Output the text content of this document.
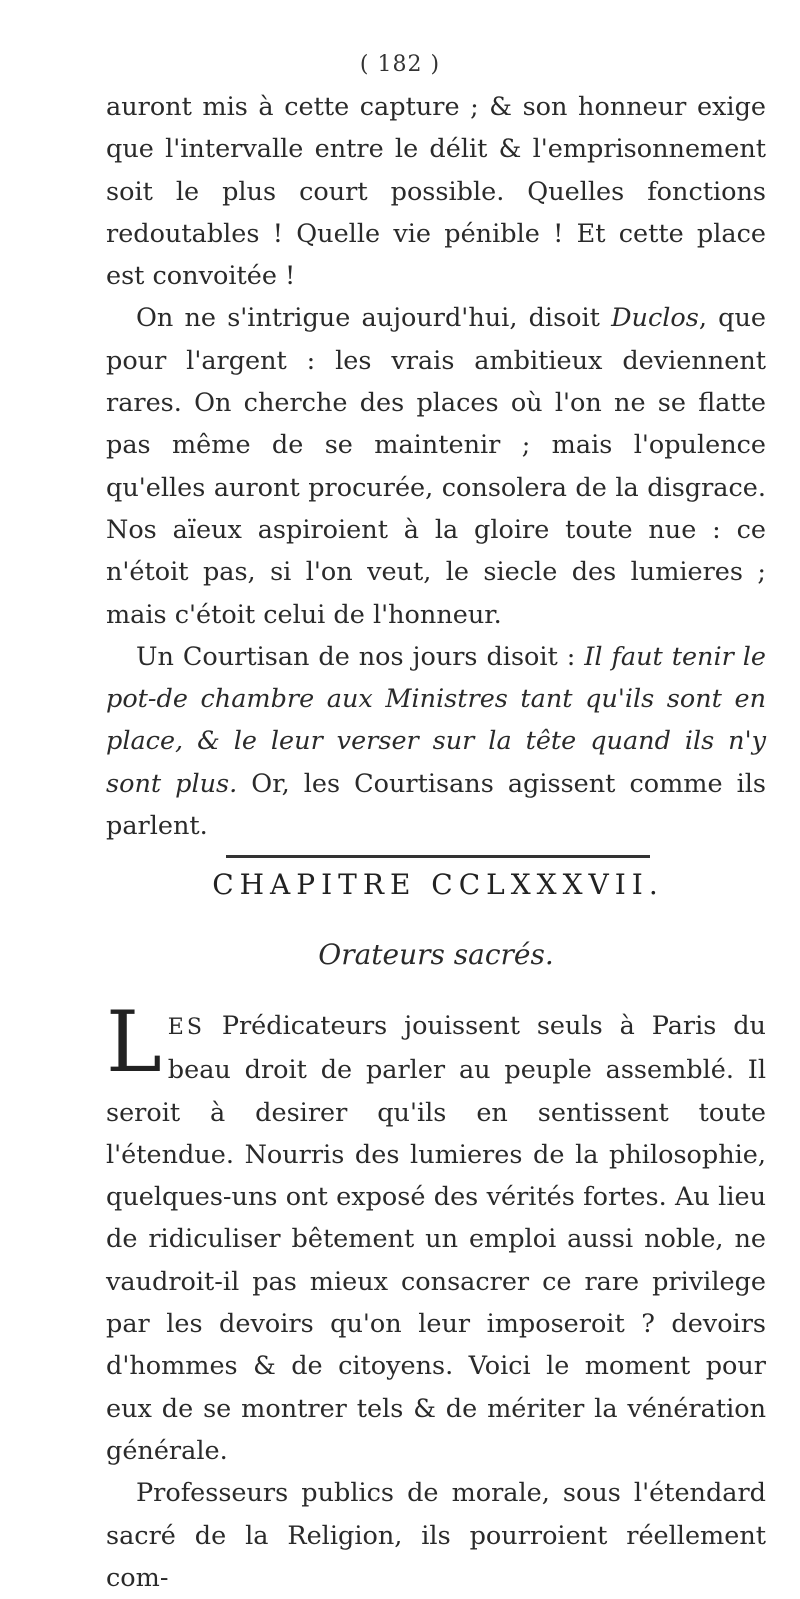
( 182 )

auront mis à cette capture ; & son honneur exige que l'intervalle entre le délit & l'emprisonnement soit le plus court possible. Quelles fonctions redoutables ! Quelle vie pénible ! Et cette place est convoitée !

On ne s'intrigue aujourd'hui, disoit Duclos, que pour l'argent : les vrais ambitieux deviennent rares. On cherche des places où l'on ne se flatte pas même de se maintenir ; mais l'opulence qu'elles auront procurée, consolera de la disgrace. Nos aïeux aspiroient à la gloire toute nue : ce n'étoit pas, si l'on veut, le siecle des lumieres ; mais c'étoit celui de l'honneur.

Un Courtisan de nos jours disoit : Il faut tenir le pot-de chambre aux Ministres tant qu'ils sont en place, & le leur verser sur la tête quand ils n'y sont plus. Or, les Courtisans agissent comme ils parlent.

CHAPITRE CCLXXXVII.
Orateurs sacrés.

LES Prédicateurs jouissent seuls à Paris du beau droit de parler au peuple assemblé. Il seroit à desirer qu'ils en sentissent toute l'étendue. Nourris des lumieres de la philosophie, quelques-uns ont exposé des vérités fortes. Au lieu de ridiculiser bêtement un emploi aussi noble, ne vaudroit-il pas mieux consacrer ce rare privilege par les devoirs qu'on leur imposeroit ? devoirs d'hommes & de citoyens. Voici le moment pour eux de se montrer tels & de mériter la vénération générale.

Professeurs publics de morale, sous l'étendard sacré de la Religion, ils pourroient réellement com-
